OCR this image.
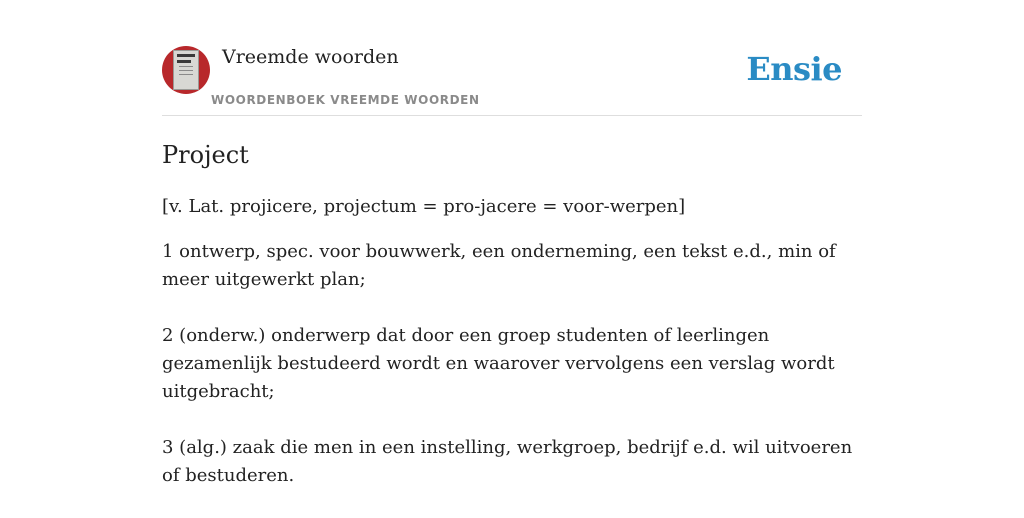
Vreemde woorden
WOORDENBOEK VREEMDE WOORDEN
Ensie
Project

[v. Lat. projicere, projectum = pro-jacere = voor-werpen]

1 ontwerp, spec. voor bouwwerk, een onderneming, een tekst e.d., min of meer uitgewerkt plan;

2 (onderw.) onderwerp dat door een groep studenten of leerlingen gezamenlijk bestudeerd wordt en waarover vervolgens een verslag wordt uitgebracht;

3 (alg.) zaak die men in een instelling, werkgroep, bedrijf e.d. wil uitvoeren of bestuderen.
